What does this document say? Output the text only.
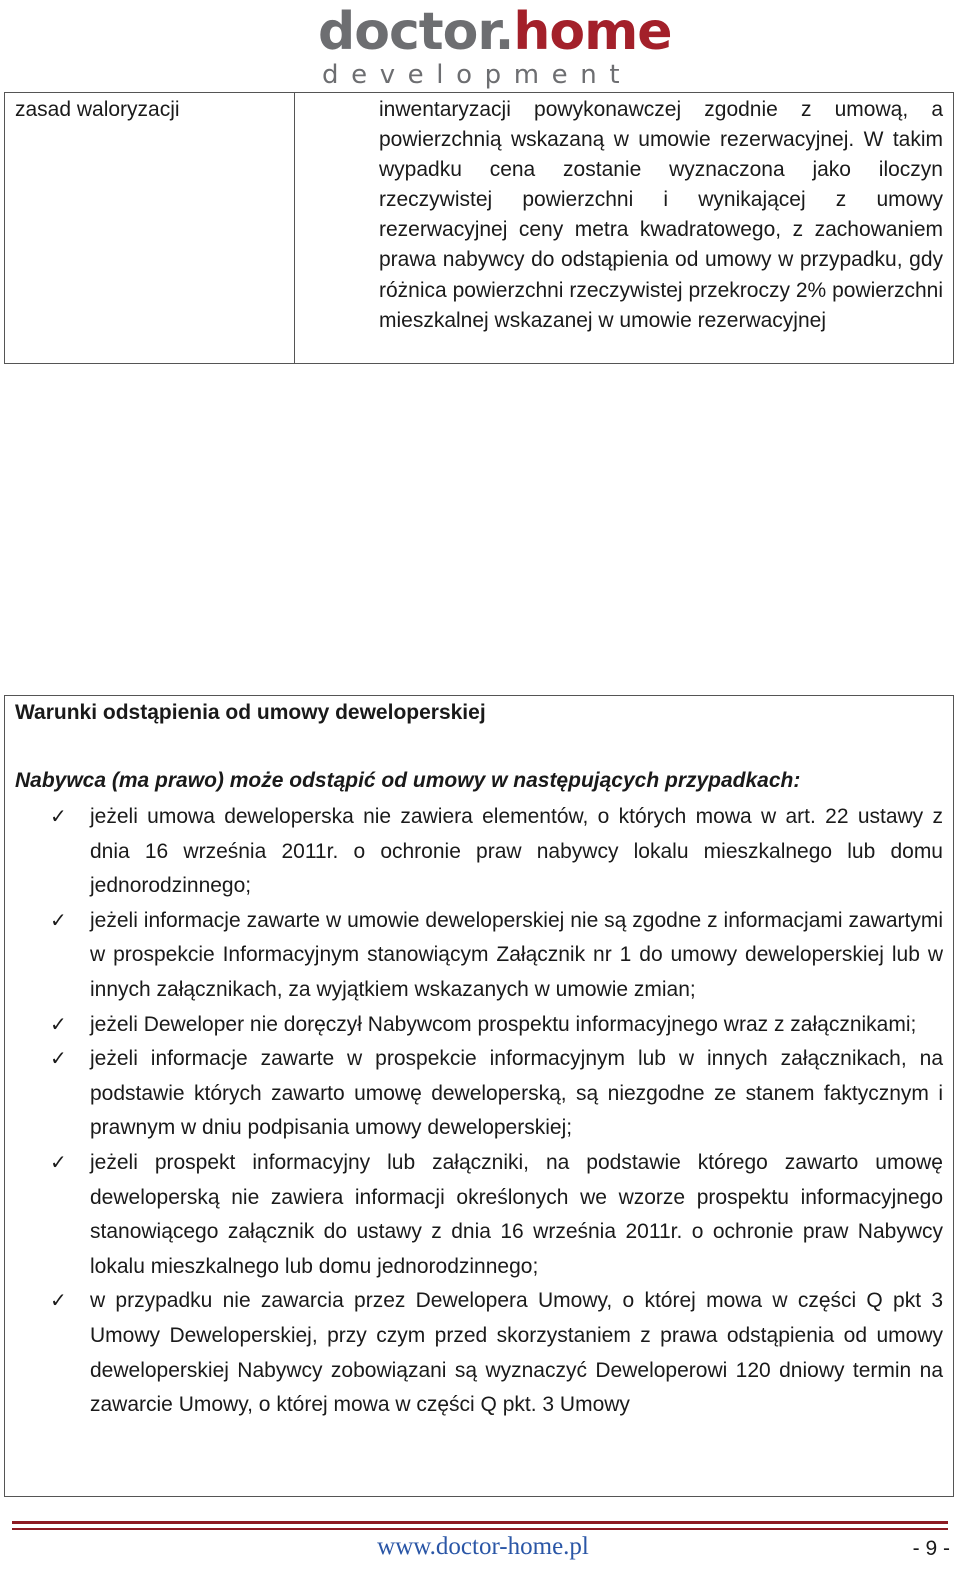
doctor.home
development
zasad waloryzacji	inwentaryzacji powykonawczej zgodnie z umową, a powierzchnią wskazaną w umowie rezerwacyjnej. W takim wypadku cena zostanie wyznaczona jako iloczyn rzeczywistej powierzchni i wynikającej z umowy rezerwacyjnej ceny metra kwadratowego, z zachowaniem prawa nabywcy do odstąpienia od umowy w przypadku, gdy różnica powierzchni rzeczywistej przekroczy 2% powierzchni mieszkalnej wskazanej w umowie rezerwacyjnej
Warunki odstąpienia od umowy deweloperskiej
Nabywca (ma prawo) może odstąpić od umowy w następujących przypadkach:
✓ jeżeli umowa deweloperska nie zawiera elementów, o których mowa w art. 22 ustawy z dnia 16 września 2011r. o ochronie praw nabywcy lokalu mieszkalnego lub domu jednorodzinnego;
✓ jeżeli informacje zawarte w umowie deweloperskiej nie są zgodne z informacjami zawartymi w prospekcie Informacyjnym stanowiącym Załącznik nr 1 do umowy deweloperskiej lub w innych załącznikach, za wyjątkiem wskazanych w umowie zmian;
✓ jeżeli Deweloper nie doręczył Nabywcom prospektu informacyjnego wraz z załącznikami;
✓ jeżeli informacje zawarte w prospekcie informacyjnym lub w innych załącznikach, na podstawie których zawarto umowę deweloperską, są niezgodne ze stanem faktycznym i prawnym w dniu podpisania umowy deweloperskiej;
✓ jeżeli prospekt informacyjny lub załączniki, na podstawie którego zawarto umowę deweloperską nie zawiera informacji określonych we wzorze prospektu informacyjnego stanowiącego załącznik do ustawy z dnia 16 września 2011r. o ochronie praw Nabywcy lokalu mieszkalnego lub domu jednorodzinnego;
✓ w przypadku nie zawarcia przez Dewelopera Umowy, o której mowa w części Q pkt 3 Umowy Deweloperskiej, przy czym przed skorzystaniem z prawa odstąpienia od umowy deweloperskiej Nabywcy zobowiązani są wyznaczyć Deweloperowi 120 dniowy termin na zawarcie Umowy, o której mowa w części Q pkt. 3 Umowy
www.doctor-home.pl	- 9 -
